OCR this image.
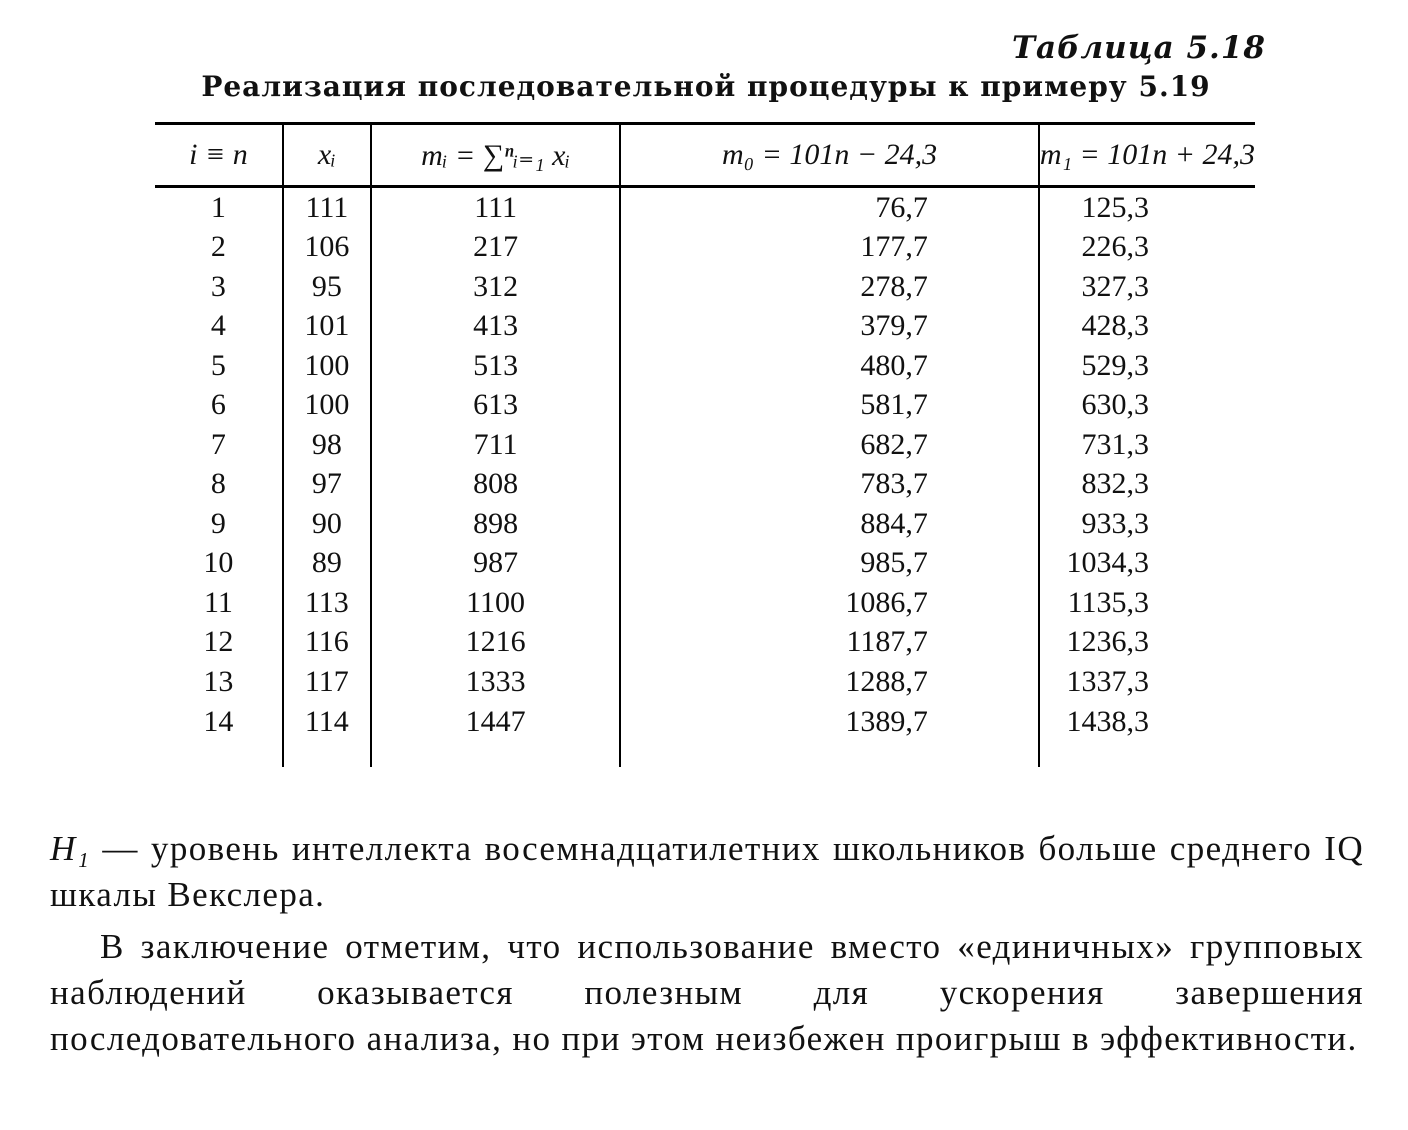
Таблица 5.18
Реализация последовательной процедуры к примеру 5.19
i ≡ n	xᵢ	mᵢ = ∑ⁿᵢ₌₁ xᵢ	m₀ = 101n − 24,3	m₁ = 101n + 24,3
1	111	111	76,7	125,3
2	106	217	177,7	226,3
3	95	312	278,7	327,3
4	101	413	379,7	428,3
5	100	513	480,7	529,3
6	100	613	581,7	630,3
7	98	711	682,7	731,3
8	97	808	783,7	832,3
9	90	898	884,7	933,3
10	89	987	985,7	1034,3
11	113	1100	1086,7	1135,3
12	116	1216	1187,7	1236,3
13	117	1333	1288,7	1337,3
14	114	1447	1389,7	1438,3
H₁ — уровень интеллекта восемнадцатилетних школьников больше среднего IQ шкалы Векслера.
В заключение отметим, что использование вместо «единичных» групповых наблюдений оказывается полезным для ускорения завершения последовательного анализа, но при этом неизбежен проигрыш в эффективности.
